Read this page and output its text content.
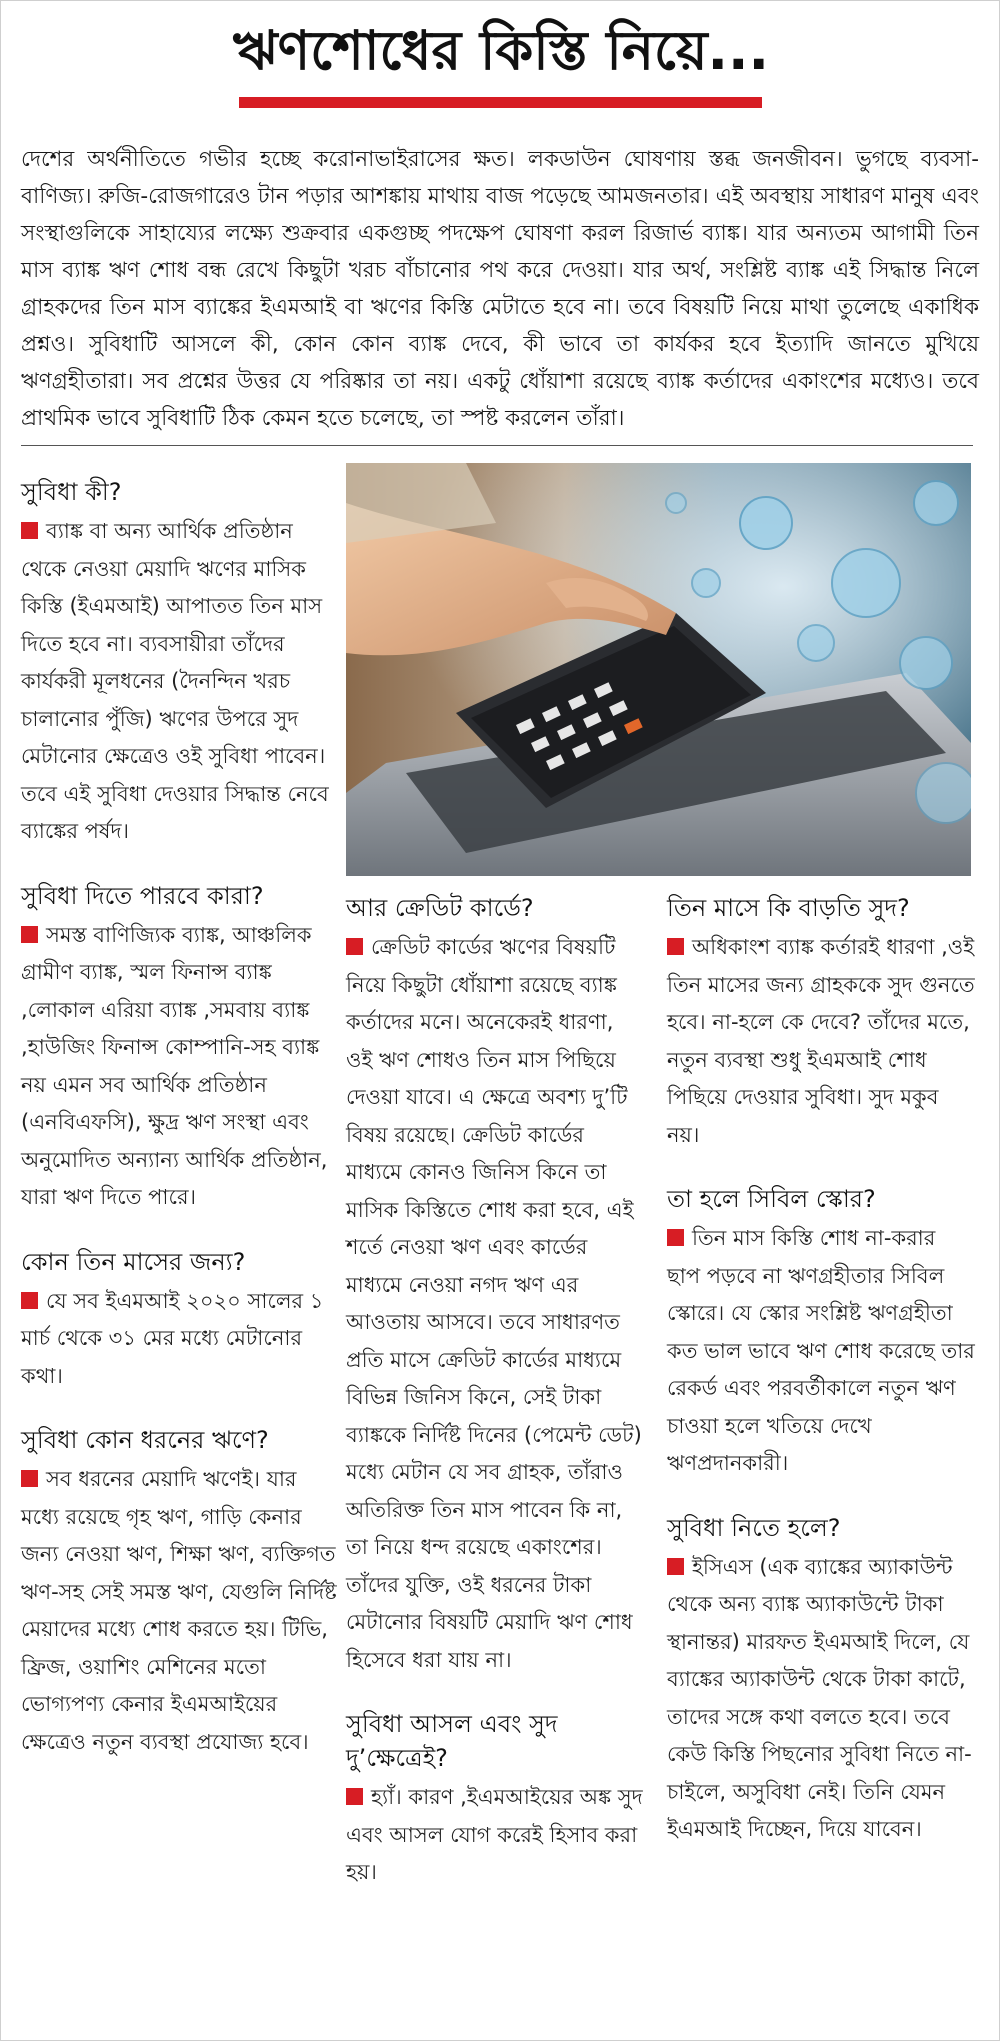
ঋণশোধের কিস্তি নিয়ে...

দেশের অর্থনীতিতে গভীর হচ্ছে করোনাভাইরাসের ক্ষত। লকডাউন ঘোষণায় স্তব্ধ জনজীবন। ভুগছে ব্যবসা-বাণিজ্য। রুজি-রোজগারেও টান পড়ার আশঙ্কায় মাথায় বাজ পড়েছে আমজনতার। এই অবস্থায় সাধারণ মানুষ এবং সংস্থাগুলিকে সাহায্যের লক্ষ্যে শুক্রবার একগুচ্ছ পদক্ষেপ ঘোষণা করল রিজার্ভ ব্যাঙ্ক। যার অন্যতম আগামী তিন মাস ব্যাঙ্ক ঋণ শোধ বন্ধ রেখে কিছুটা খরচ বাঁচানোর পথ করে দেওয়া। যার অর্থ, সংশ্লিষ্ট ব্যাঙ্ক এই সিদ্ধান্ত নিলে গ্রাহকদের তিন মাস ব্যাঙ্কের ইএমআই বা ঋণের কিস্তি মেটাতে হবে না। তবে বিষয়টি নিয়ে মাথা তুলেছে একাধিক প্রশ্নও। সুবিধাটি আসলে কী, কোন কোন ব্যাঙ্ক দেবে, কী ভাবে তা কার্যকর হবে ইত্যাদি জানতে মুখিয়ে ঋণগ্রহীতারা। সব প্রশ্নের উত্তর যে পরিষ্কার তা নয়। একটু ধোঁয়াশা রয়েছে ব্যাঙ্ক কর্তাদের একাংশের মধ্যেও। তবে প্রাথমিক ভাবে সুবিধাটি ঠিক কেমন হতে চলেছে, তা স্পষ্ট করলেন তাঁরা।

সুবিধা কী?

ব্যাঙ্ক বা অন্য আর্থিক প্রতিষ্ঠান থেকে নেওয়া মেয়াদি ঋণের মাসিক কিস্তি (ইএমআই) আপাতত তিন মাস দিতে হবে না। ব্যবসায়ীরা তাঁদের কার্যকরী মূলধনের (দৈনন্দিন খরচ চালানোর পুঁজি) ঋণের উপরে সুদ মেটানোর ক্ষেত্রেও ওই সুবিধা পাবেন। তবে এই সুবিধা দেওয়ার সিদ্ধান্ত নেবে ব্যাঙ্কের পর্ষদ।

সুবিধা দিতে পারবে কারা?

সমস্ত বাণিজ্যিক ব্যাঙ্ক, আঞ্চলিক গ্রামীণ ব্যাঙ্ক, স্মল ফিনান্স ব্যাঙ্ক ,লোকাল এরিয়া ব্যাঙ্ক ,সমবায় ব্যাঙ্ক ,হাউজিং ফিনান্স কোম্পানি-সহ ব্যাঙ্ক নয় এমন সব আর্থিক প্রতিষ্ঠান (এনবিএফসি), ক্ষুদ্র ঋণ সংস্থা এবং অনুমোদিত অন্যান্য আর্থিক প্রতিষ্ঠান, যারা ঋণ দিতে পারে।

কোন তিন মাসের জন্য?

যে সব ইএমআই ২০২০ সালের ১ মার্চ থেকে ৩১ মের মধ্যে মেটানোর কথা।

সুবিধা কোন ধরনের ঋণে?

সব ধরনের মেয়াদি ঋণেই। যার মধ্যে রয়েছে গৃহ ঋণ, গাড়ি কেনার জন্য নেওয়া ঋণ, শিক্ষা ঋণ, ব্যক্তিগত ঋণ-সহ সেই সমস্ত ঋণ, যেগুলি নির্দিষ্ট মেয়াদের মধ্যে শোধ করতে হয়। টিভি, ফ্রিজ, ওয়াশিং মেশিনের মতো ভোগ্যপণ্য কেনার ইএমআইয়ের ক্ষেত্রেও নতুন ব্যবস্থা প্রযোজ্য হবে।

আর ক্রেডিট কার্ডে?

ক্রেডিট কার্ডের ঋণের বিষয়টি নিয়ে কিছুটা ধোঁয়াশা রয়েছে ব্যাঙ্ক কর্তাদের মনে। অনেকেরই ধারণা, ওই ঋণ শোধও তিন মাস পিছিয়ে দেওয়া যাবে। এ ক্ষেত্রে অবশ্য দু’টি বিষয় রয়েছে। ক্রেডিট কার্ডের মাধ্যমে কোনও জিনিস কিনে তা মাসিক কিস্তিতে শোধ করা হবে, এই শর্তে নেওয়া ঋণ এবং কার্ডের মাধ্যমে নেওয়া নগদ ঋণ এর আওতায় আসবে। তবে সাধারণত প্রতি মাসে ক্রেডিট কার্ডের মাধ্যমে বিভিন্ন জিনিস কিনে, সেই টাকা ব্যাঙ্ককে নির্দিষ্ট দিনের (পেমেন্ট ডেট) মধ্যে মেটান যে সব গ্রাহক, তাঁরাও অতিরিক্ত তিন মাস পাবেন কি না, তা নিয়ে ধন্দ রয়েছে একাংশের। তাঁদের যুক্তি, ওই ধরনের টাকা মেটানোর বিষয়টি মেয়াদি ঋণ শোধ হিসেবে ধরা যায় না।

সুবিধা আসল এবং সুদ দু’ক্ষেত্রেই?

হ্যাঁ। কারণ ,ইএমআইয়ের অঙ্ক সুদ এবং আসল যোগ করেই হিসাব করা হয়।

তিন মাসে কি বাড়তি সুদ?

অধিকাংশ ব্যাঙ্ক কর্তারই ধারণা ,ওই তিন মাসের জন্য গ্রাহককে সুদ গুনতে হবে। না-হলে কে দেবে? তাঁদের মতে, নতুন ব্যবস্থা শুধু ইএমআই শোধ পিছিয়ে দেওয়ার সুবিধা। সুদ মকুব নয়।

তা হলে সিবিল স্কোর?

তিন মাস কিস্তি শোধ না-করার ছাপ পড়বে না ঋণগ্রহীতার সিবিল স্কোরে। যে স্কোর সংশ্লিষ্ট ঋণগ্রহীতা কত ভাল ভাবে ঋণ শোধ করেছে তার রেকর্ড এবং পরবর্তীকালে নতুন ঋণ চাওয়া হলে খতিয়ে দেখে ঋণপ্রদানকারী।

সুবিধা নিতে হলে?

ইসিএস (এক ব্যাঙ্কের অ্যাকাউন্ট থেকে অন্য ব্যাঙ্ক অ্যাকাউন্টে টাকা স্থানান্তর) মারফত ইএমআই দিলে, যে ব্যাঙ্কের অ্যাকাউন্ট থেকে টাকা কাটে, তাদের সঙ্গে কথা বলতে হবে। তবে কেউ কিস্তি পিছনোর সুবিধা নিতে না-চাইলে, অসুবিধা নেই। তিনি যেমন ইএমআই দিচ্ছেন, দিয়ে যাবেন।
